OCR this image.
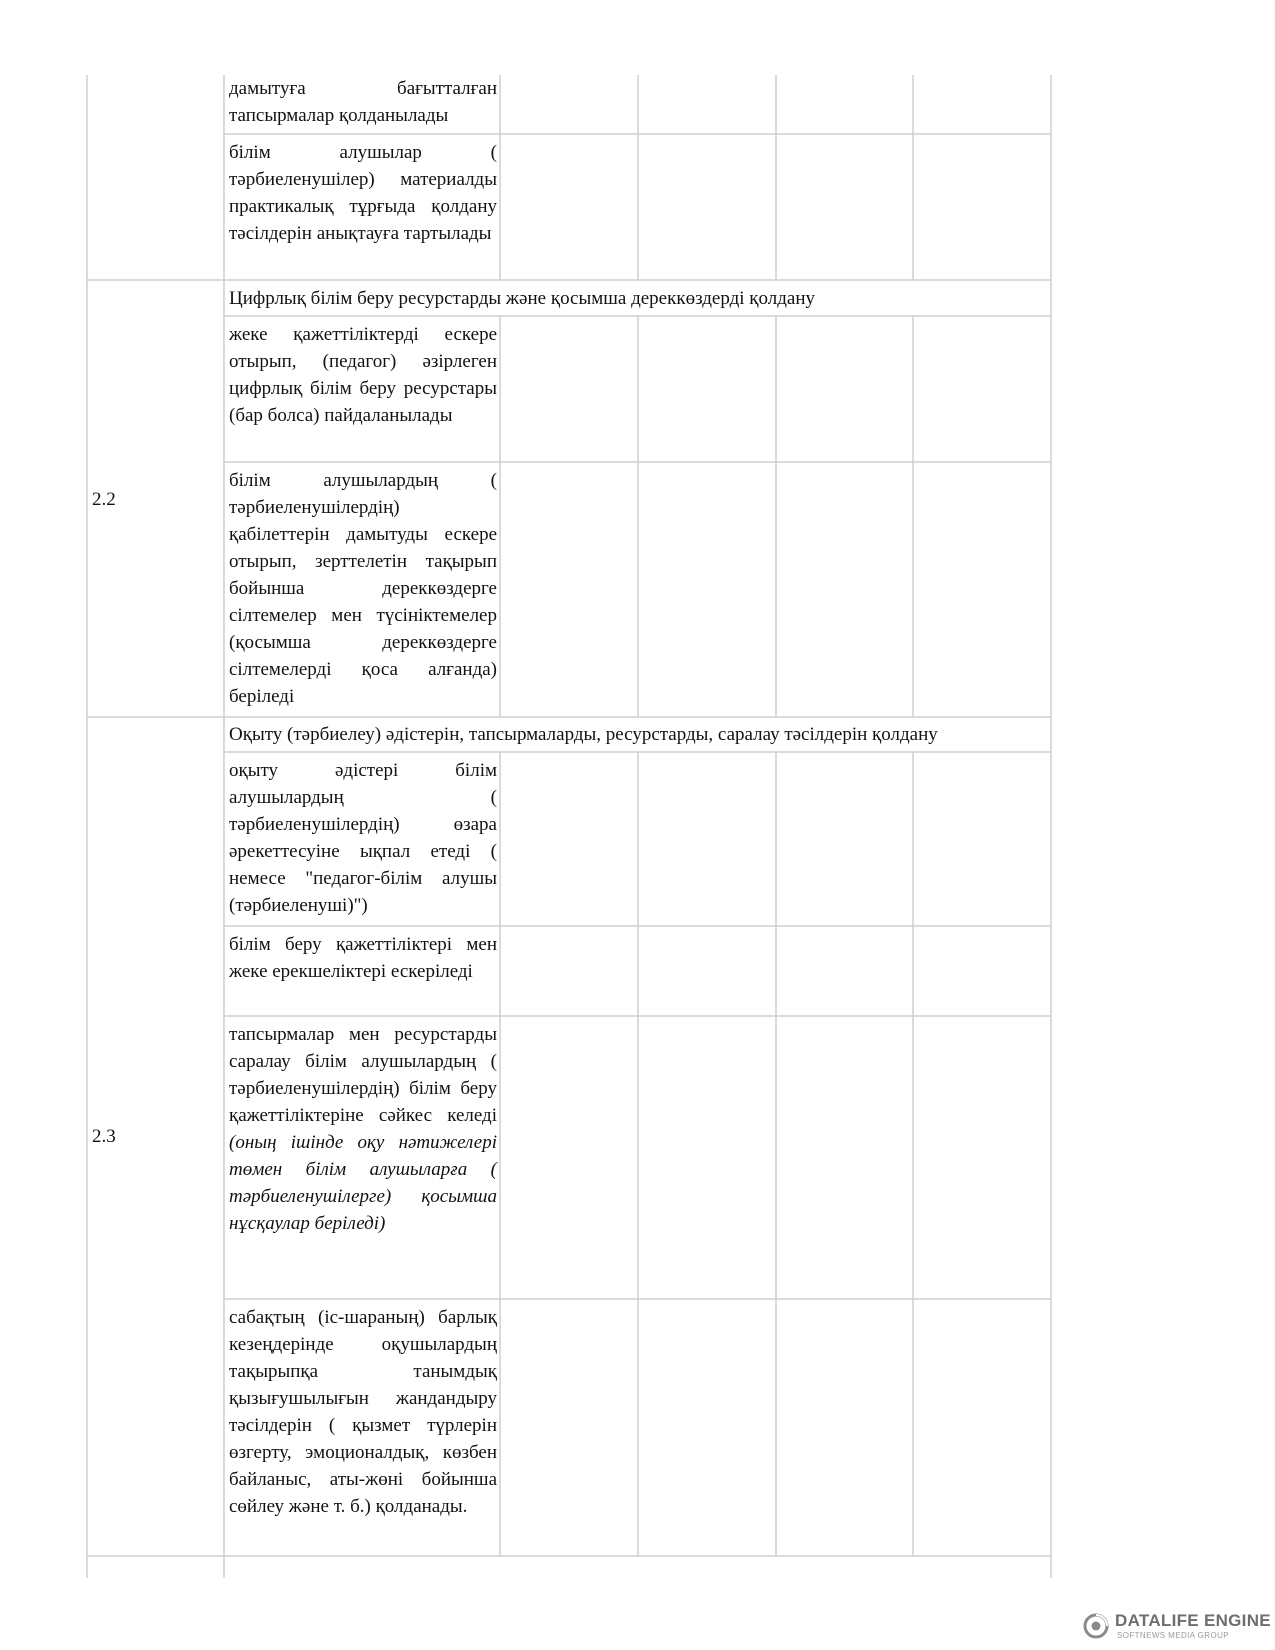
дамытуға бағытталған тапсырмалар қолданылады
білім алушылар ( тәрбиеленушілер) материалды практикалық тұрғыда қолдану тәсілдерін анықтауға тартылады
2.2
Цифрлық білім беру ресурстарды және қосымша дереккөздерді қолдану
жеке қажеттіліктерді ескере отырып, (педагог) әзірлеген цифрлық білім беру ресурстары (бар болса) пайдаланылады
білім алушылардың ( тәрбиеленушілердің) қабілеттерін дамытуды ескере отырып, зерттелетін тақырып бойынша дереккөздерге сілтемелер мен түсініктемелер (қосымша дереккөздерге сілтемелерді қоса алғанда) беріледі
2.3
Оқыту (тәрбиелеу) әдістерін, тапсырмаларды, ресурстарды, саралау тәсілдерін қолдану
оқыту әдістері білім алушылардың ( тәрбиеленушілердің) өзара әрекеттесуіне ықпал етеді ( немесе "педагог-білім алушы (тәрбиеленуші)")
білім беру қажеттіліктері мен жеке ерекшеліктері ескеріледі
тапсырмалар мен ресурстарды саралау білім алушылардың ( тәрбиеленушілердің) білім беру қажеттіліктеріне сәйкес келеді (оның ішінде оқу нәтижелері төмен білім алушыларға ( тәрбиеленушілерге) қосымша нұсқаулар беріледі)
сабақтың (іс-шараның) барлық кезеңдерінде оқушылардың тақырыпқа танымдық қызығушылығын жандандыру тәсілдерін ( қызмет түрлерін өзгерту, эмоционалдық, көзбен байланыс, аты-жөні бойынша сөйлеу және т. б.) қолданады.
DATALIFE ENGINE
SOFTNEWS MEDIA GROUP
